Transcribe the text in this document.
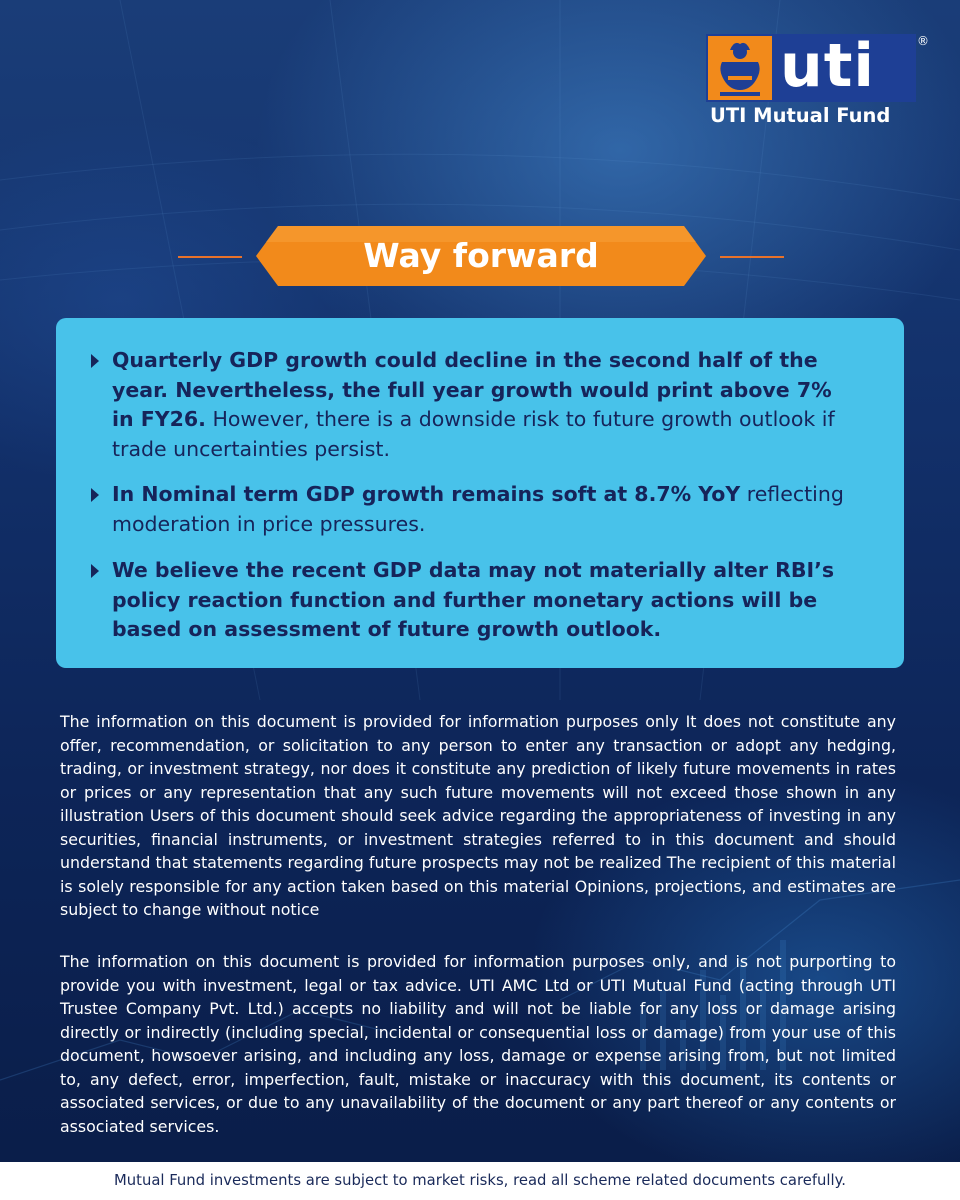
uti	®
UTI Mutual Fund
Way forward
Quarterly GDP growth could decline in the second half of the year. Nevertheless, the full year growth would print above 7% in FY26. However, there is a downside risk to future growth outlook if trade uncertainties persist.
In Nominal term GDP growth remains soft at 8.7% YoY reflecting moderation in price pressures.
We believe the recent GDP data may not materially alter RBI’s policy reaction function and further monetary actions will be based on assessment of future growth outlook.
The information on this document is provided for information purposes only It does not constitute any offer, recommendation, or solicitation to any person to enter any transaction or adopt any hedging, trading, or investment strategy, nor does it constitute any prediction of likely future movements in rates or prices or any representation that any such future movements will not exceed those shown in any illustration Users of this document should seek advice regarding the appropriateness of investing in any securities, financial instruments, or investment strategies referred to in this document and should understand that statements regarding future prospects may not be realized The recipient of this material is solely responsible for any action taken based on this material Opinions, projections, and estimates are subject to change without notice
The information on this document is provided for information purposes only, and is not purporting to provide you with investment, legal or tax advice. UTI AMC Ltd or UTI Mutual Fund (acting through UTI Trustee Company Pvt. Ltd.) accepts no liability and will not be liable for any loss or damage arising directly or indirectly (including special, incidental or consequential loss or damage) from your use of this document, howsoever arising, and including any loss, damage or expense arising from, but not limited to, any defect, error, imperfection, fault, mistake or inaccuracy with this document, its contents or associated services, or due to any unavailability of the document or any part thereof or any contents or associated services.
Mutual Fund investments are subject to market risks, read all scheme related documents carefully.
